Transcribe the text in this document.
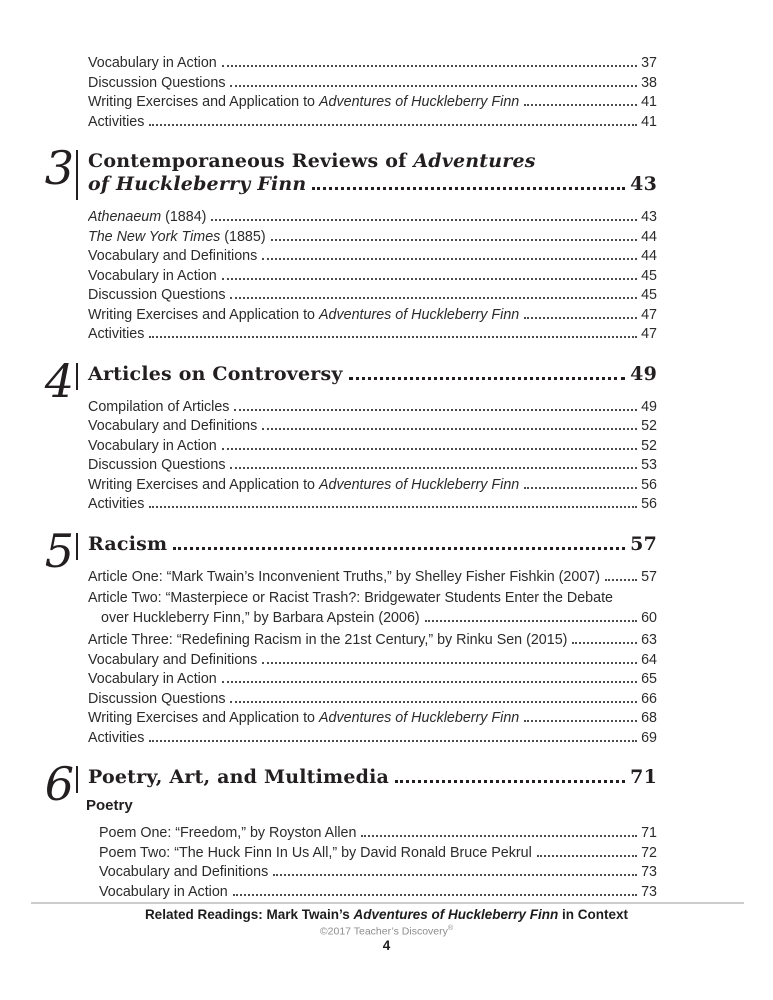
Vocabulary in Action	37
Discussion Questions	38
Writing Exercises and Application to Adventures of Huckleberry Finn	41
Activities	41
3 Contemporaneous Reviews of Adventures
of Huckleberry Finn	43
Athenaeum (1884)	43
The New York Times (1885)	44
Vocabulary and Definitions	44
Vocabulary in Action	45
Discussion Questions	45
Writing Exercises and Application to Adventures of Huckleberry Finn	47
Activities	47
4 Articles on Controversy	49
Compilation of Articles	49
Vocabulary and Definitions	52
Vocabulary in Action	52
Discussion Questions	53
Writing Exercises and Application to Adventures of Huckleberry Finn	56
Activities	56
5 Racism	57
Article One: “Mark Twain’s Inconvenient Truths,” by Shelley Fisher Fishkin (2007)	57
Article Two: “Masterpiece or Racist Trash?: Bridgewater Students Enter the Debate
over Huckleberry Finn,” by Barbara Apstein (2006)	60
Article Three: “Redefining Racism in the 21st Century,” by Rinku Sen (2015)	63
Vocabulary and Definitions	64
Vocabulary in Action	65
Discussion Questions	66
Writing Exercises and Application to Adventures of Huckleberry Finn	68
Activities	69
6 Poetry, Art, and Multimedia	71
Poetry
Poem One: “Freedom,” by Royston Allen	71
Poem Two: “The Huck Finn In Us All,” by David Ronald Bruce Pekrul	72
Vocabulary and Definitions	73
Vocabulary in Action	73
Related Readings: Mark Twain’s Adventures of Huckleberry Finn in Context
©2017 Teacher’s Discovery®
4
